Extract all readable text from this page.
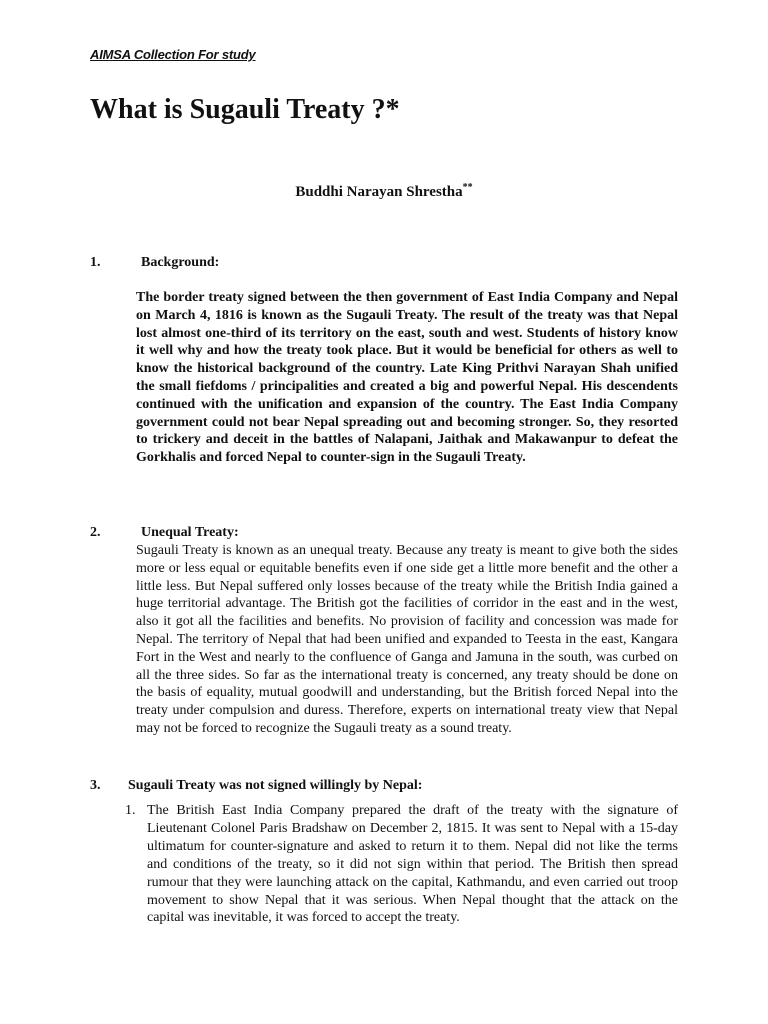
AIMSA Collection For study
What is Sugauli Treaty ?*
Buddhi Narayan Shrestha**
1.	Background:

The border treaty signed between the then government of East India Company and Nepal on March 4, 1816 is known as the Sugauli Treaty. The result of the treaty was that Nepal lost almost one-third of its territory on the east, south and west. Students of history know it well why and how the treaty took place. But it would be beneficial for others as well to know the historical background of the country. Late King Prithvi Narayan Shah unified the small fiefdoms / principalities and created a big and powerful Nepal. His descendents continued with the unification and expansion of the country. The East India Company government could not bear Nepal spreading out and becoming stronger. So, they resorted to trickery and deceit in the battles of Nalapani, Jaithak and Makawanpur to defeat the Gorkhalis and forced Nepal to counter-sign in the Sugauli Treaty.

2.	Unequal Treaty:

Sugauli Treaty is known as an unequal treaty. Because any treaty is meant to give both the sides more or less equal or equitable benefits even if one side get a little more benefit and the other a little less. But Nepal suffered only losses because of the treaty while the British India gained a huge territorial advantage. The British got the facilities of corridor in the east and in the west, also it got all the facilities and benefits. No provision of facility and concession was made for Nepal. The territory of Nepal that had been unified and expanded to Teesta in the east, Kangara Fort in the West and nearly to the confluence of Ganga and Jamuna in the south, was curbed on all the three sides. So far as the international treaty is concerned, any treaty should be done on the basis of equality, mutual goodwill and understanding, but the British forced Nepal into the treaty under compulsion and duress. Therefore, experts on international treaty view that Nepal may not be forced to recognize the Sugauli treaty as a sound treaty.

3. Sugauli Treaty was not signed willingly by Nepal:
1. The British East India Company prepared the draft of the treaty with the signature of Lieutenant Colonel Paris Bradshaw on December 2, 1815. It was sent to Nepal with a 15-day ultimatum for counter-signature and asked to return it to them. Nepal did not like the terms and conditions of the treaty, so it did not sign within that period. The British then spread rumour that they were launching attack on the capital, Kathmandu, and even carried out troop movement to show Nepal that it was serious. When Nepal thought that the attack on the capital was inevitable, it was forced to accept the treaty.
